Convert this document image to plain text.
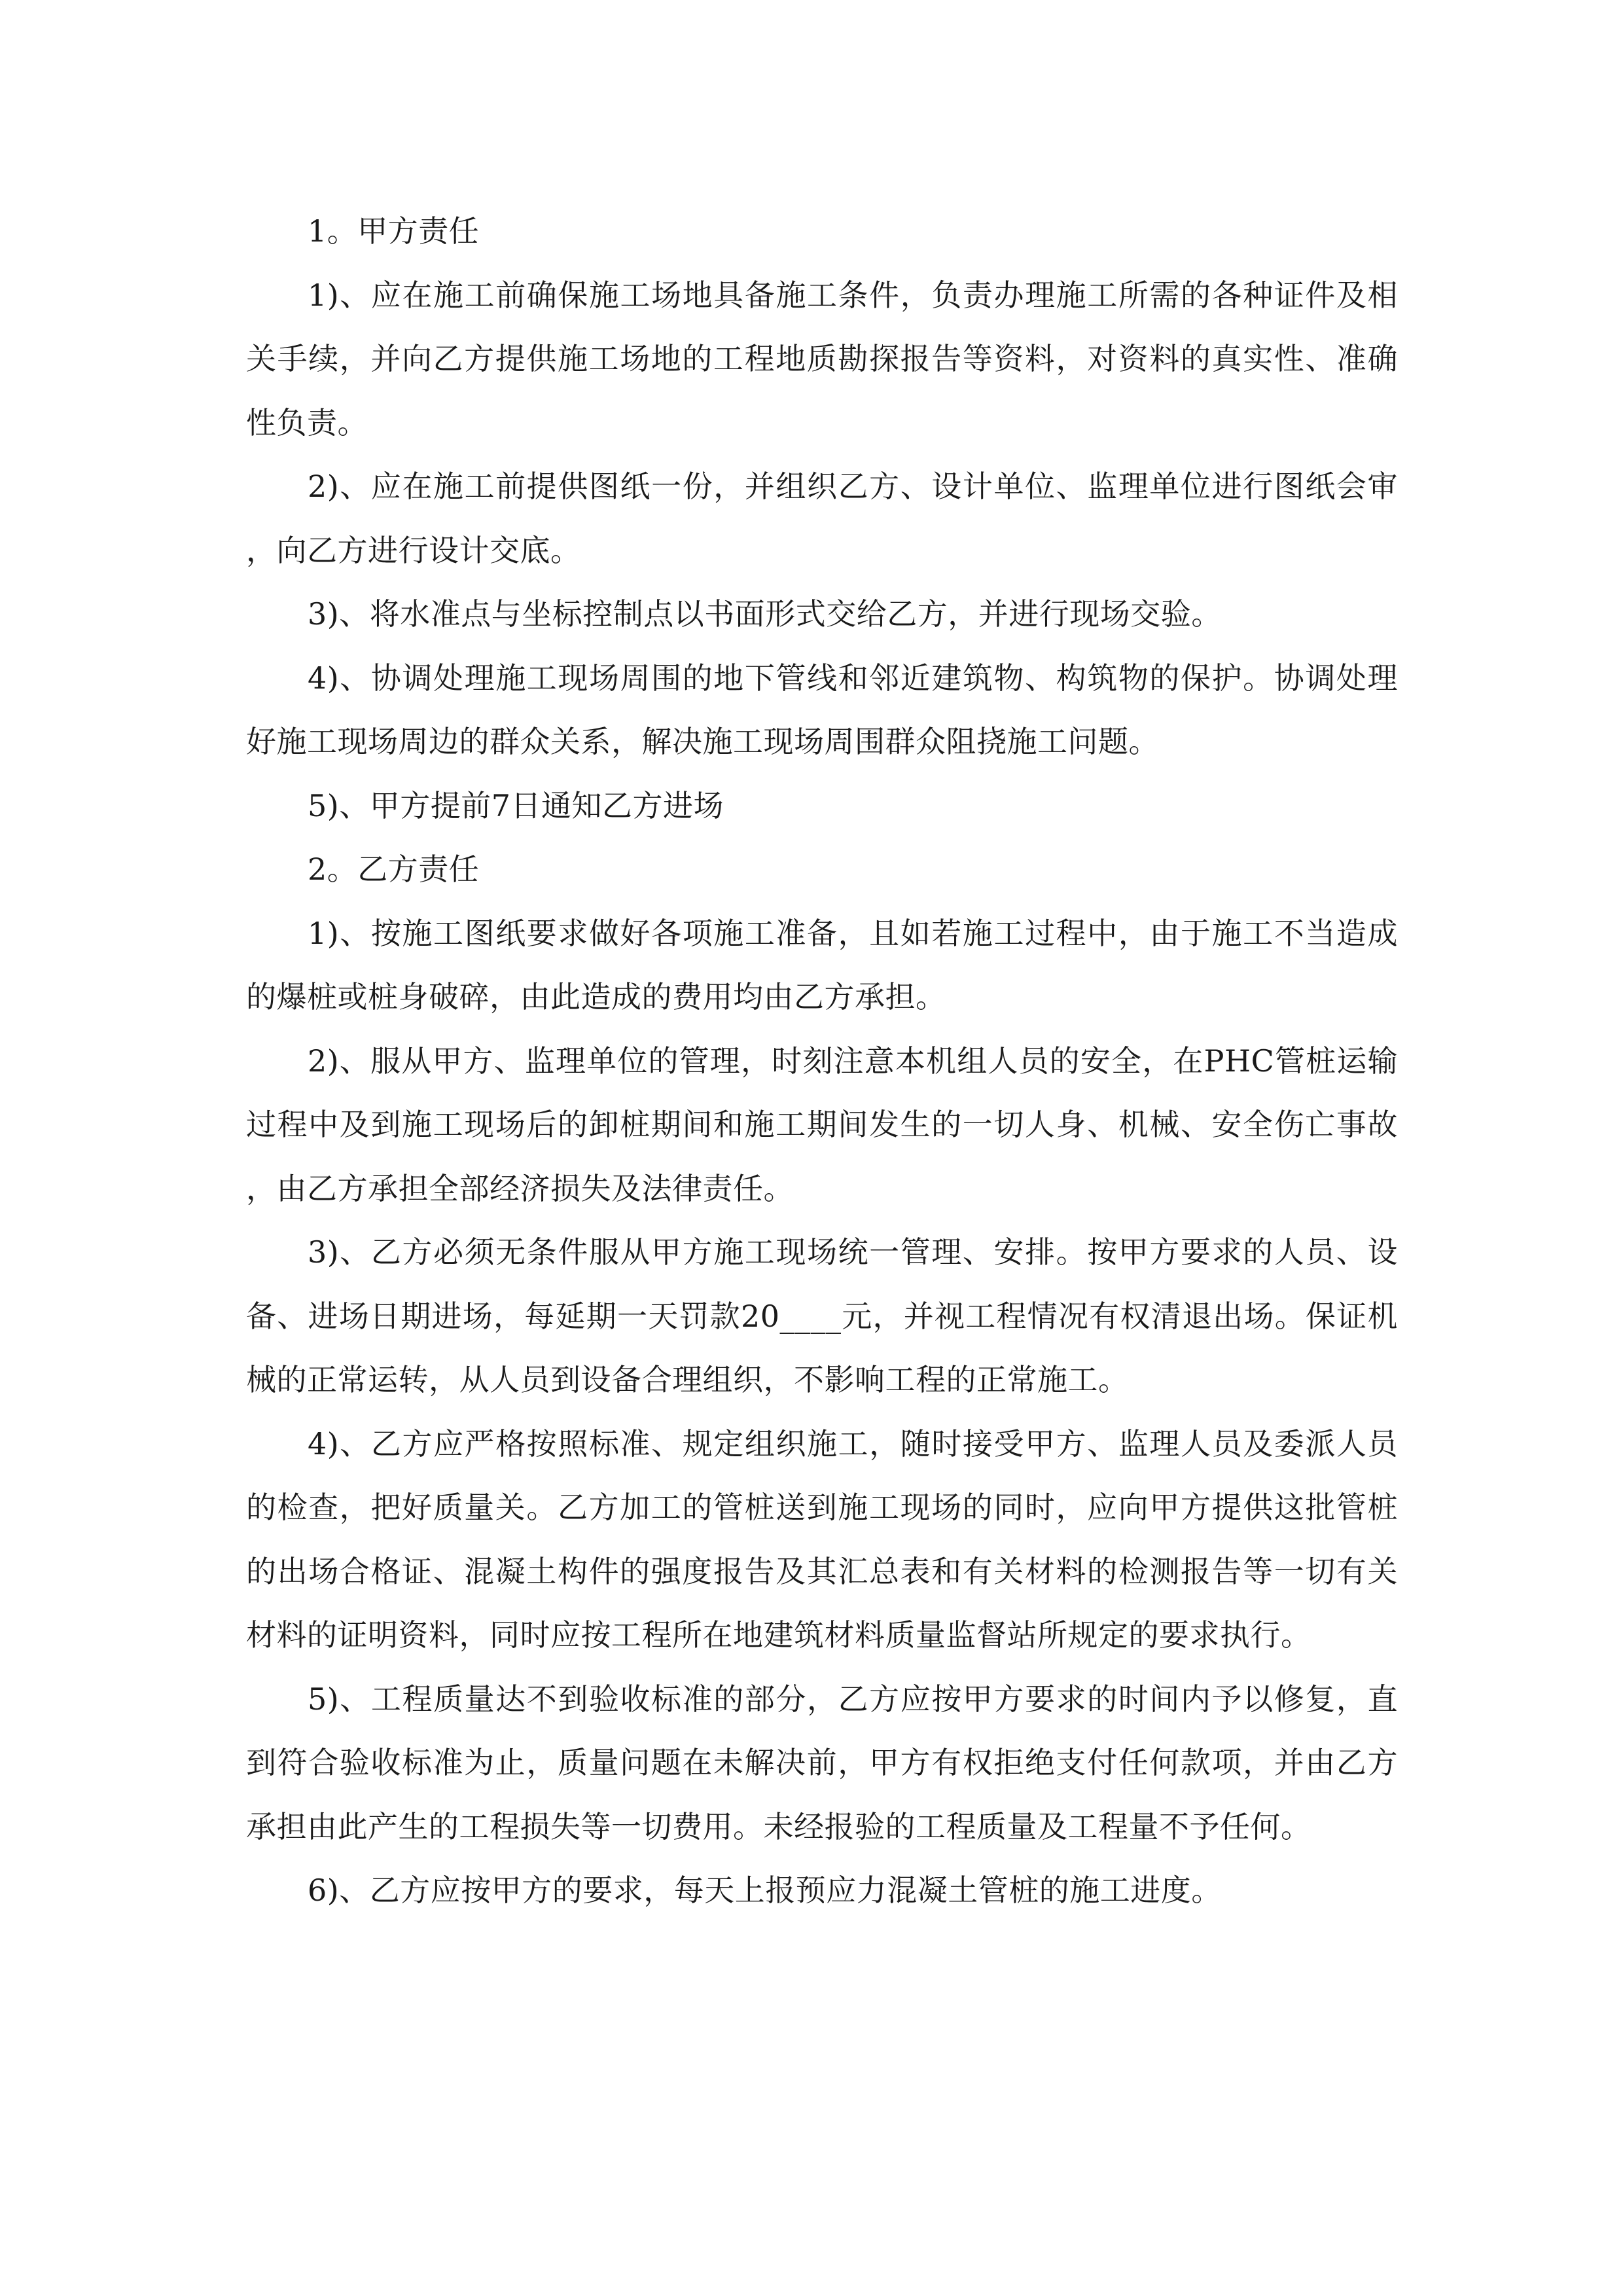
1。甲方责任

1)、应在施工前确保施工场地具备施工条件，负责办理施工所需的各种证件及相关手续，并向乙方提供施工场地的工程地质勘探报告等资料，对资料的真实性、准确性负责。

2)、应在施工前提供图纸一份，并组织乙方、设计单位、监理单位进行图纸会审，向乙方进行设计交底。

3)、将水准点与坐标控制点以书面形式交给乙方，并进行现场交验。

4)、协调处理施工现场周围的地下管线和邻近建筑物、构筑物的保护。协调处理好施工现场周边的群众关系，解决施工现场周围群众阻挠施工问题。

5)、甲方提前7日通知乙方进场

2。乙方责任

1)、按施工图纸要求做好各项施工准备，且如若施工过程中，由于施工不当造成的爆桩或桩身破碎，由此造成的费用均由乙方承担。

2)、服从甲方、监理单位的管理，时刻注意本机组人员的安全，在PHC管桩运输过程中及到施工现场后的卸桩期间和施工期间发生的一切人身、机械、安全伤亡事故，由乙方承担全部经济损失及法律责任。

3)、乙方必须无条件服从甲方施工现场统一管理、安排。按甲方要求的人员、设备、进场日期进场，每延期一天罚款20____元，并视工程情况有权清退出场。保证机械的正常运转，从人员到设备合理组织，不影响工程的正常施工。

4)、乙方应严格按照标准、规定组织施工，随时接受甲方、监理人员及委派人员的检查，把好质量关。乙方加工的管桩送到施工现场的同时，应向甲方提供这批管桩的出场合格证、混凝土构件的强度报告及其汇总表和有关材料的检测报告等一切有关材料的证明资料，同时应按工程所在地建筑材料质量监督站所规定的要求执行。

5)、工程质量达不到验收标准的部分，乙方应按甲方要求的时间内予以修复，直到符合验收标准为止，质量问题在未解决前，甲方有权拒绝支付任何款项，并由乙方承担由此产生的工程损失等一切费用。未经报验的工程质量及工程量不予任何。

6)、乙方应按甲方的要求，每天上报预应力混凝土管桩的施工进度。
